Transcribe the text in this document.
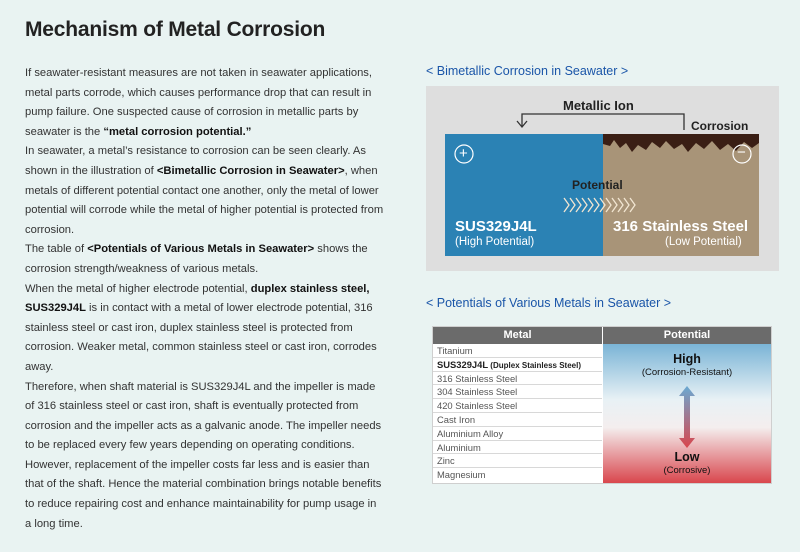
Mechanism of Metal Corrosion

If seawater-resistant measures are not taken in seawater applications, metal parts corrode, which causes performance drop that can result in pump failure. One suspected cause of corrosion in metallic parts by seawater is the “metal corrosion potential.”

In seawater, a metal’s resistance to corrosion can be seen clearly. As shown in the illustration of <Bimetallic Corrosion in Seawater>, when metals of different potential contact one another, only the metal of lower potential will corrode while the metal of higher potential is protected from corrosion.

The table of <Potentials of Various Metals in Seawater> shows the corrosion strength/weakness of various metals.

When the metal of higher electrode potential, duplex stainless steel, SUS329J4L is in contact with a metal of lower electrode potential, 316 stainless steel or cast iron, duplex stainless steel is protected from corrosion. Weaker metal, common stainless steel or cast iron, corrodes away.

Therefore, when shaft material is SUS329J4L and the impeller is made of 316 stainless steel or cast iron, shaft is eventually protected from corrosion and the impeller acts as a galvanic anode. The impeller needs to be replaced every few years depending on operating conditions. However, replacement of the impeller costs far less and is easier than that of the shaft. Hence the material combination brings notable benefits to reduce repairing cost and enhance maintainability for pump usage in a long time.

< Bimetallic Corrosion in Seawater >
+	−
Metallic Ion
Corrosion
Potential
SUS329J4L
(High Potential)
316 Stainless Steel
(Low Potential)
< Potentials of Various Metals in Seawater >
Metal	Potential
Titanium
SUS329J4L (Duplex Stainless Steel)
316 Stainless Steel
304 Stainless Steel
420 Stainless Steel
Cast Iron
Aluminium Alloy
Aluminium
Zinc
Magnesium
High
(Corrosion-Resistant)
Low
(Corrosive)
